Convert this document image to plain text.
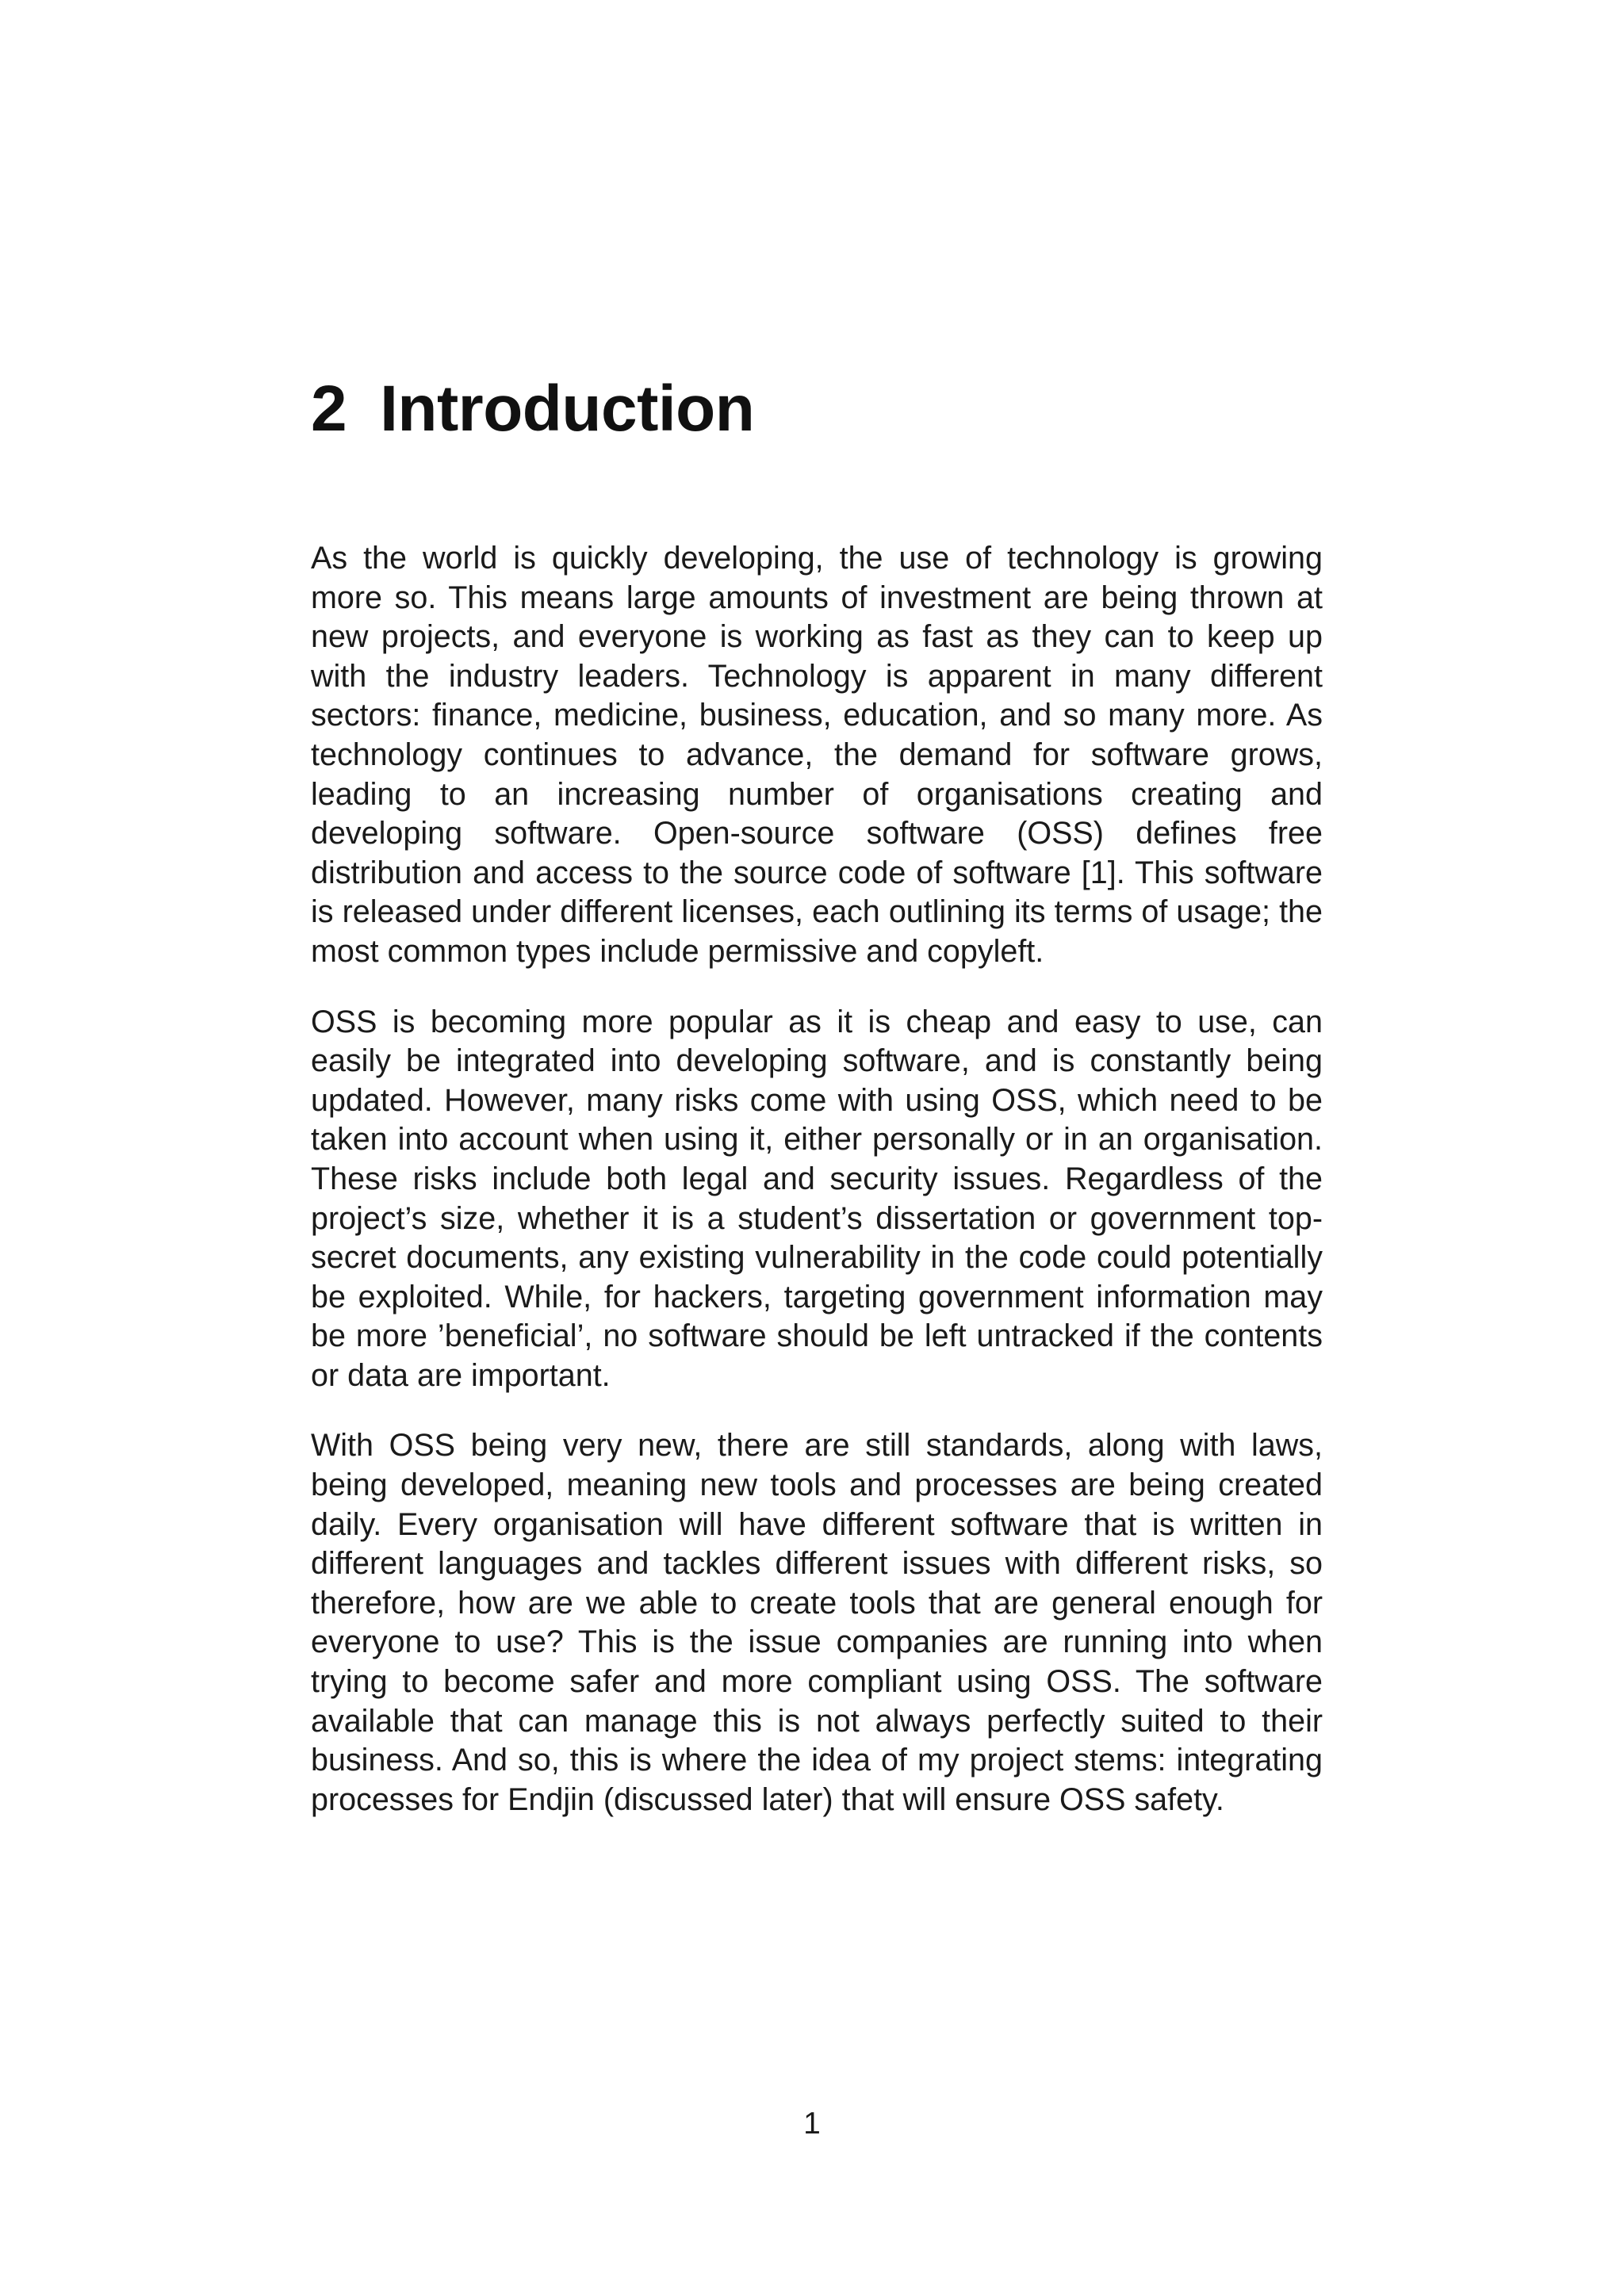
2 Introduction

As the world is quickly developing, the use of technology is growing more so. This means large amounts of investment are being thrown at new projects, and everyone is working as fast as they can to keep up with the industry leaders. Technology is apparent in many different sectors: finance, medicine, business, education, and so many more. As technology continues to advance, the demand for software grows, leading to an increasing number of organisations creating and developing software. Open-source software (OSS) defines free distribution and access to the source code of software [1]. This software is released under different licenses, each outlining its terms of usage; the most common types include permissive and copyleft.

OSS is becoming more popular as it is cheap and easy to use, can easily be integrated into developing software, and is constantly being updated. However, many risks come with using OSS, which need to be taken into account when using it, either personally or in an organisation. These risks include both legal and security issues. Regardless of the project’s size, whether it is a student’s dissertation or government top-secret documents, any existing vulnerability in the code could potentially be exploited. While, for hackers, targeting government information may be more ’beneficial’, no software should be left untracked if the contents or data are important.

With OSS being very new, there are still standards, along with laws, being developed, meaning new tools and processes are being created daily. Every organisation will have different software that is written in different languages and tackles different issues with different risks, so therefore, how are we able to create tools that are general enough for everyone to use? This is the issue companies are running into when trying to become safer and more compliant using OSS. The software available that can manage this is not always perfectly suited to their business. And so, this is where the idea of my project stems: integrating processes for Endjin (discussed later) that will ensure OSS safety.

1
